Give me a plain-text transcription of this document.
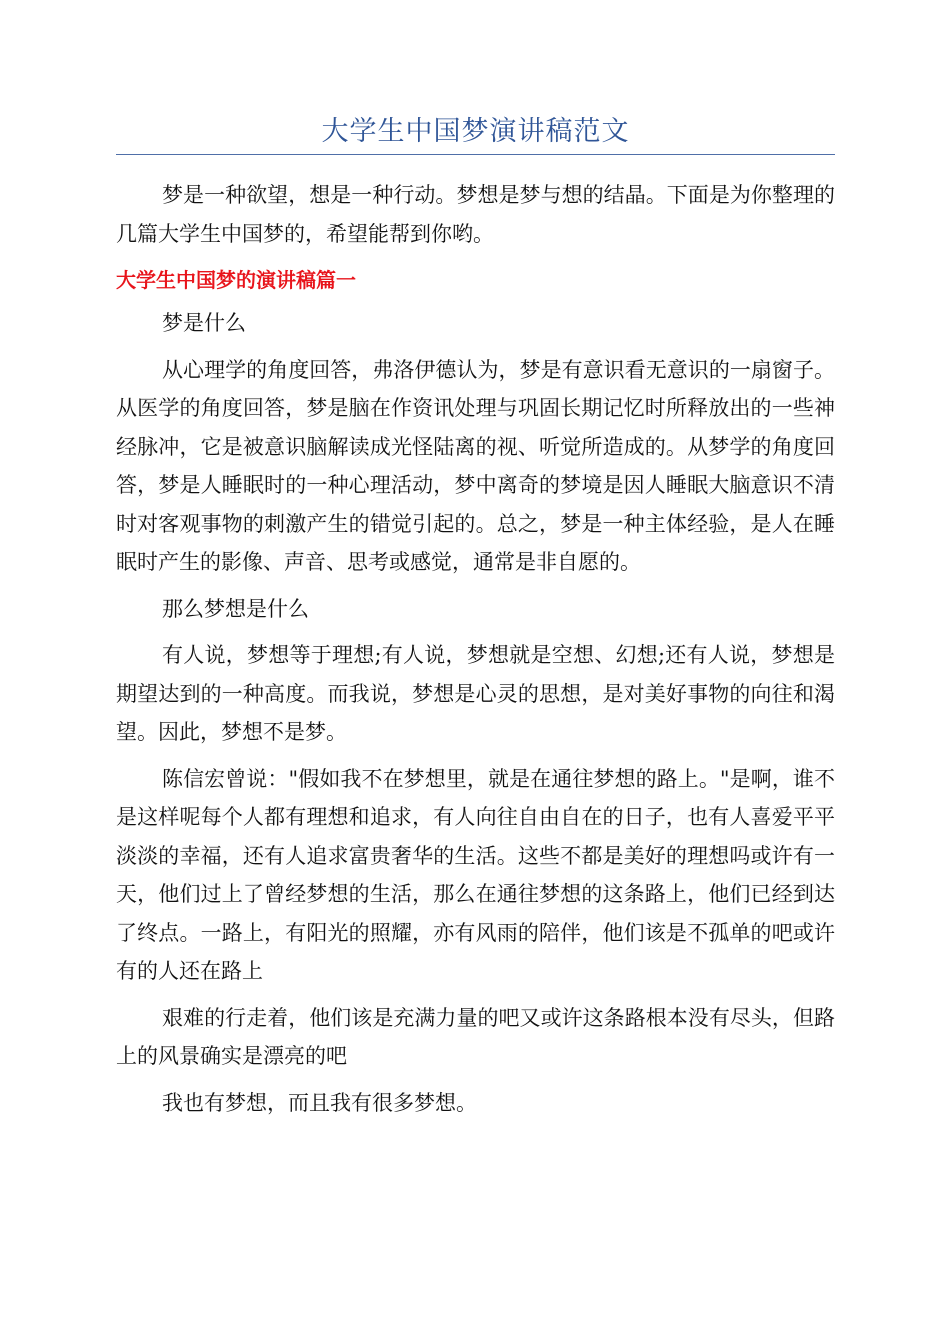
大学生中国梦演讲稿范文

梦是一种欲望，想是一种行动。梦想是梦与想的结晶。下面是为你整理的几篇大学生中国梦的，希望能帮到你哟。

大学生中国梦的演讲稿篇一

梦是什么

从心理学的角度回答，弗洛伊德认为，梦是有意识看无意识的一扇窗子。从医学的角度回答，梦是脑在作资讯处理与巩固长期记忆时所释放出的一些神经脉冲，它是被意识脑解读成光怪陆离的视、听觉所造成的。从梦学的角度回答，梦是人睡眠时的一种心理活动，梦中离奇的梦境是因人睡眠大脑意识不清时对客观事物的刺激产生的错觉引起的。总之，梦是一种主体经验，是人在睡眠时产生的影像、声音、思考或感觉，通常是非自愿的。

那么梦想是什么

有人说，梦想等于理想;有人说，梦想就是空想、幻想;还有人说，梦想是期望达到的一种高度。而我说，梦想是心灵的思想，是对美好事物的向往和渴望。因此，梦想不是梦。

陈信宏曾说："假如我不在梦想里，就是在通往梦想的路上。"是啊，谁不是这样呢每个人都有理想和追求，有人向往自由自在的日子，也有人喜爱平平淡淡的幸福，还有人追求富贵奢华的生活。这些不都是美好的理想吗或许有一天，他们过上了曾经梦想的生活，那么在通往梦想的这条路上，他们已经到达了终点。一路上，有阳光的照耀，亦有风雨的陪伴，他们该是不孤单的吧或许有的人还在路上

艰难的行走着，他们该是充满力量的吧又或许这条路根本没有尽头，但路上的风景确实是漂亮的吧

我也有梦想，而且我有很多梦想。
